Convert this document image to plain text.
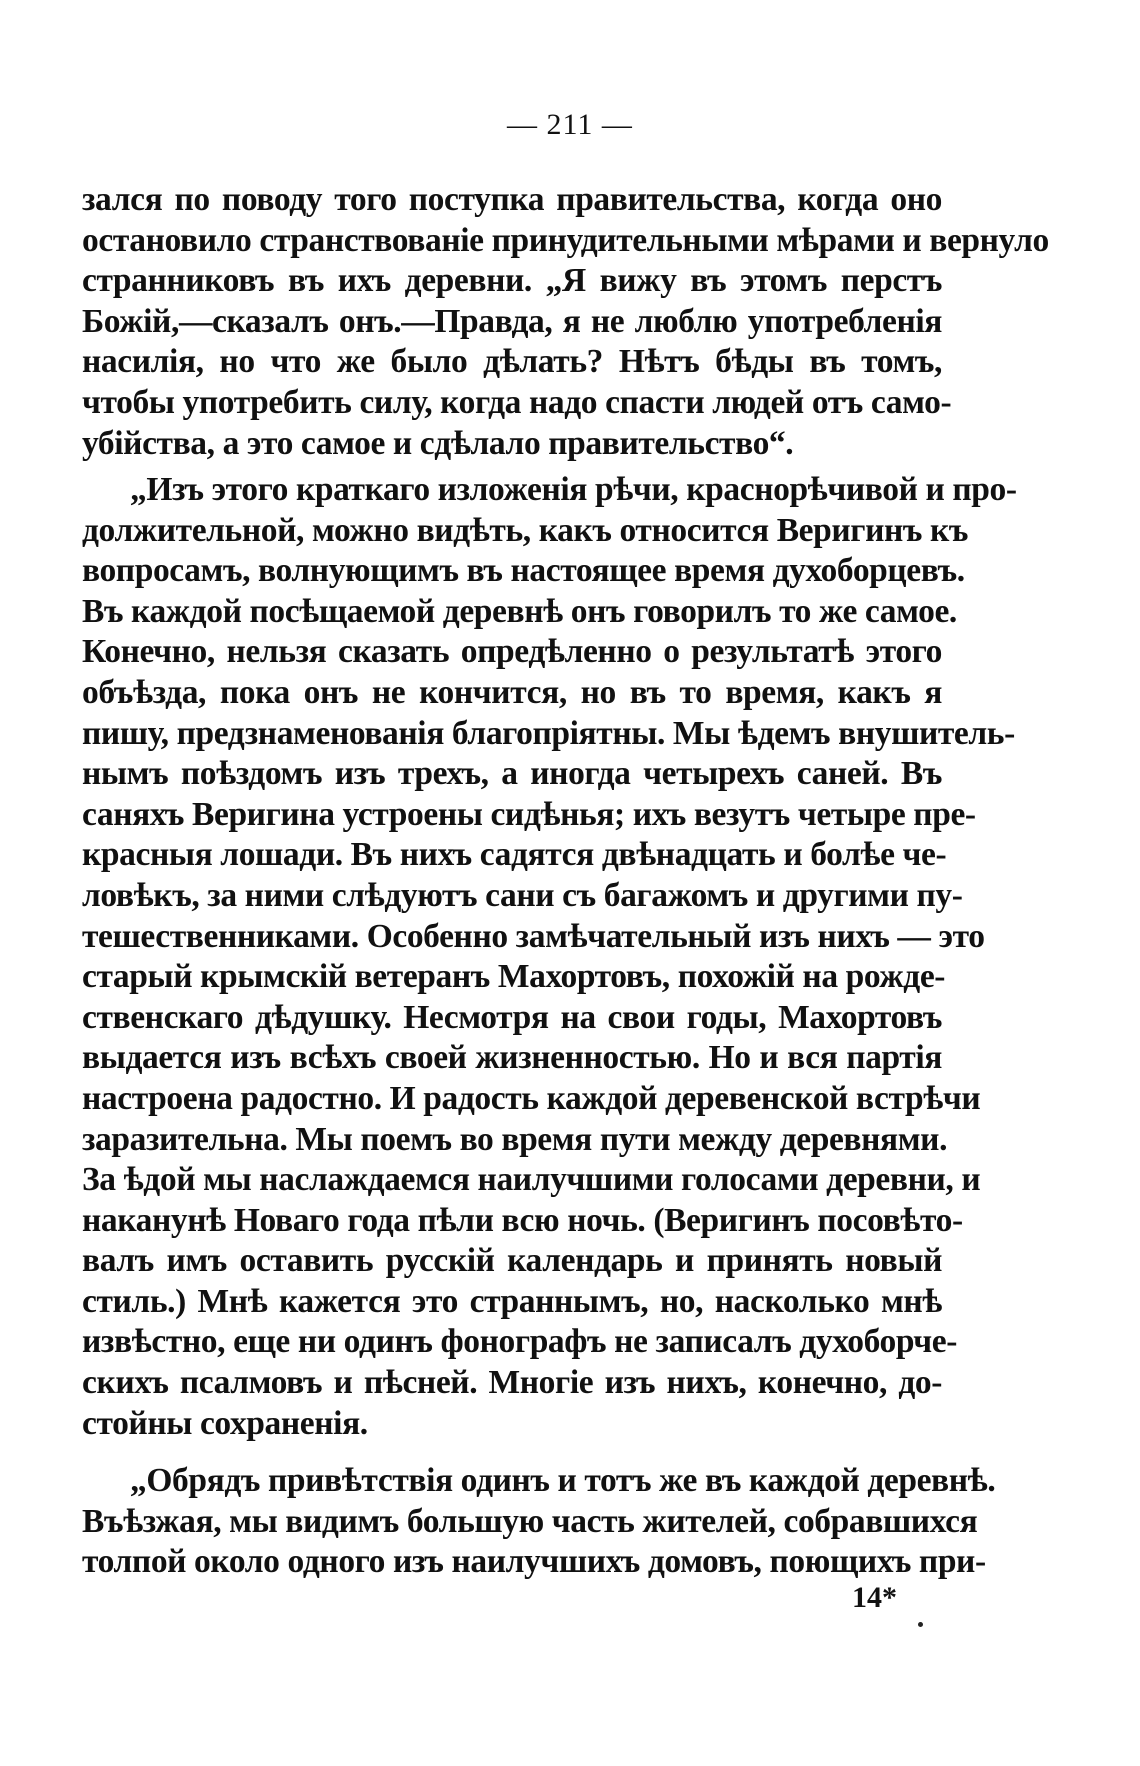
— 211 —
зался по поводу того поступка правительства, когда оно
остановило странствованіе принудительными мѣрами и вернуло
странниковъ въ ихъ деревни. „Я вижу въ этомъ перстъ
Божій,—сказалъ онъ.—Правда, я не люблю употребленія
насилія, но что же было дѣлать? Нѣтъ бѣды въ томъ,
чтобы употребить силу, когда надо спасти людей отъ само-
убійства, а это самое и сдѣлало правительство“.
„Изъ этого краткаго изложенія рѣчи, краснорѣчивой и про-
должительной, можно видѣть, какъ относится Веригинъ къ
вопросамъ, волнующимъ въ настоящее время духоборцевъ.
Въ каждой посѣщаемой деревнѣ онъ говорилъ то же самое.
Конечно, нельзя сказать опредѣленно о результатѣ этого
объѣзда, пока онъ не кончится, но въ то время, какъ я
пишу, предзнаменованія благопріятны. Мы ѣдемъ внушитель-
нымъ поѣздомъ изъ трехъ, а иногда четырехъ саней. Въ
саняхъ Веригина устроены сидѣнья; ихъ везутъ четыре пре-
красныя лошади. Въ нихъ садятся двѣнадцать и болѣе че-
ловѣкъ, за ними слѣдуютъ сани съ багажомъ и другими пу-
тешественниками. Особенно замѣчательный изъ нихъ — это
старый крымскій ветеранъ Махортовъ, похожій на рожде-
ственскаго дѣдушку. Несмотря на свои годы, Махортовъ
выдается изъ всѣхъ своей жизненностью. Но и вся партія
настроена радостно. И радость каждой деревенской встрѣчи
заразительна. Мы поемъ во время пути между деревнями.
За ѣдой мы наслаждаемся наилучшими голосами деревни, и
наканунѣ Новаго года пѣли всю ночь. (Веригинъ посовѣто-
валъ имъ оставить русскій календарь и принять новый
стиль.) Мнѣ кажется это страннымъ, но, насколько мнѣ
извѣстно, еще ни одинъ фонографъ не записалъ духоборче-
скихъ псалмовъ и пѣсней. Многіе изъ нихъ, конечно, до-
стойны сохраненія.
„Обрядъ привѣтствія одинъ и тотъ же въ каждой деревнѣ.
Въѣзжая, мы видимъ большую часть жителей, собравшихся
толпой около одного изъ наилучшихъ домовъ, поющихъ при-
14*
